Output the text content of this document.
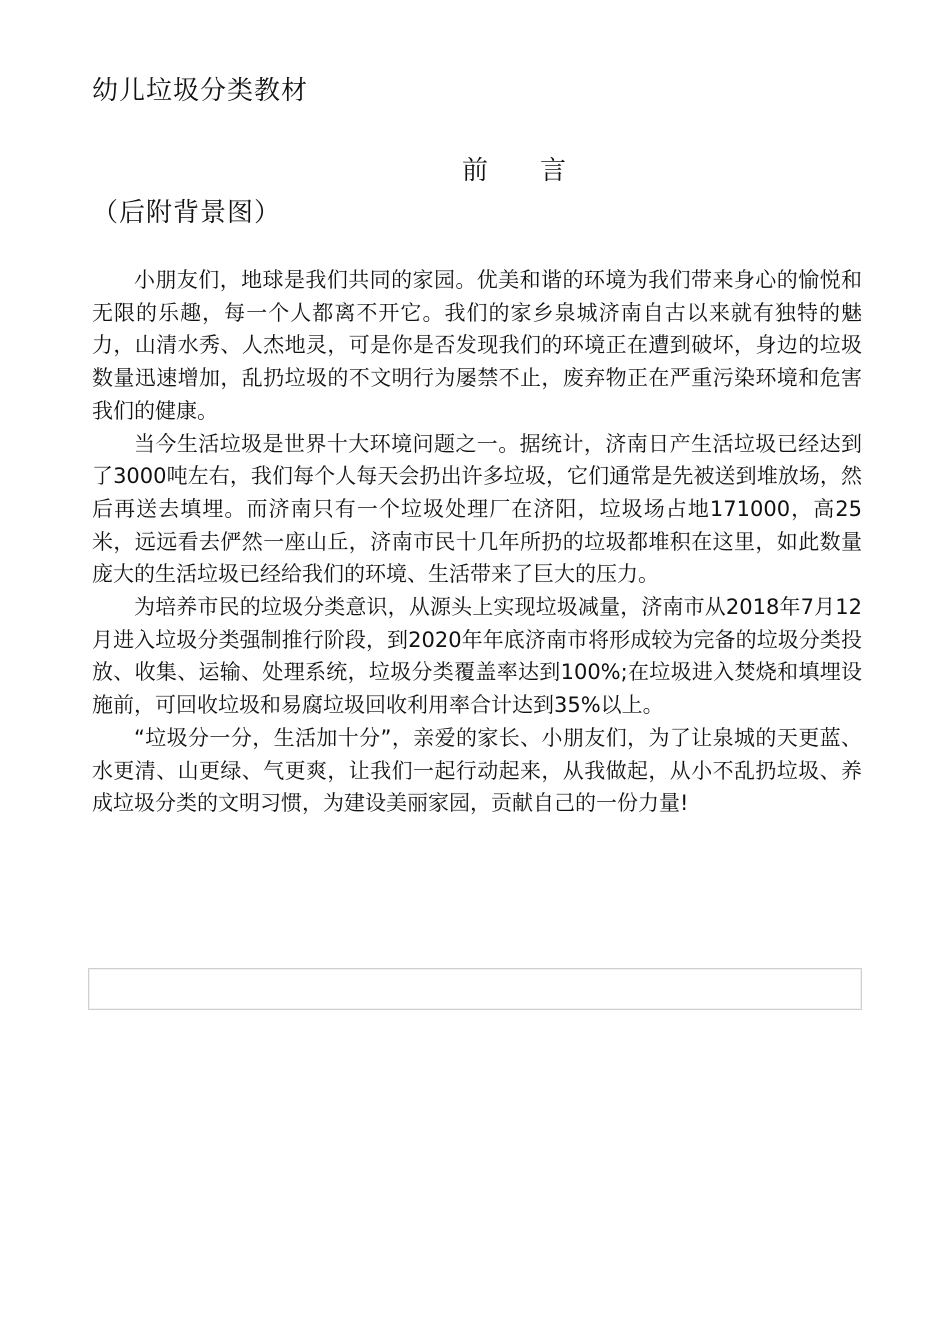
幼儿垃圾分类教材
前言
（后附背景图）

小朋友们，地球是我们共同的家园。优美和谐的环境为我们带来身心的愉悦和无限的乐趣，每一个人都离不开它。我们的家乡泉城济南自古以来就有独特的魅力，山清水秀、人杰地灵，可是你是否发现我们的环境正在遭到破坏，身边的垃圾数量迅速增加，乱扔垃圾的不文明行为屡禁不止，废弃物正在严重污染环境和危害我们的健康。

当今生活垃圾是世界十大环境问题之一。据统计，济南日产生活垃圾已经达到了3000吨左右，我们每个人每天会扔出许多垃圾，它们通常是先被送到堆放场，然后再送去填埋。而济南只有一个垃圾处理厂在济阳，垃圾场占地171000，高25米，远远看去俨然一座山丘，济南市民十几年所扔的垃圾都堆积在这里，如此数量庞大的生活垃圾已经给我们的环境、生活带来了巨大的压力。

为培养市民的垃圾分类意识，从源头上实现垃圾减量，济南市从2018年7月12月进入垃圾分类强制推行阶段，到2020年年底济南市将形成较为完备的垃圾分类投放、收集、运输、处理系统，垃圾分类覆盖率达到100%;在垃圾进入焚烧和填埋设施前，可回收垃圾和易腐垃圾回收利用率合计达到35%以上。

“垃圾分一分，生活加十分”，亲爱的家长、小朋友们，为了让泉城的天更蓝、水更清、山更绿、气更爽，让我们一起行动起来，从我做起，从小不乱扔垃圾、养成垃圾分类的文明习惯，为建设美丽家园，贡献自己的一份力量!
